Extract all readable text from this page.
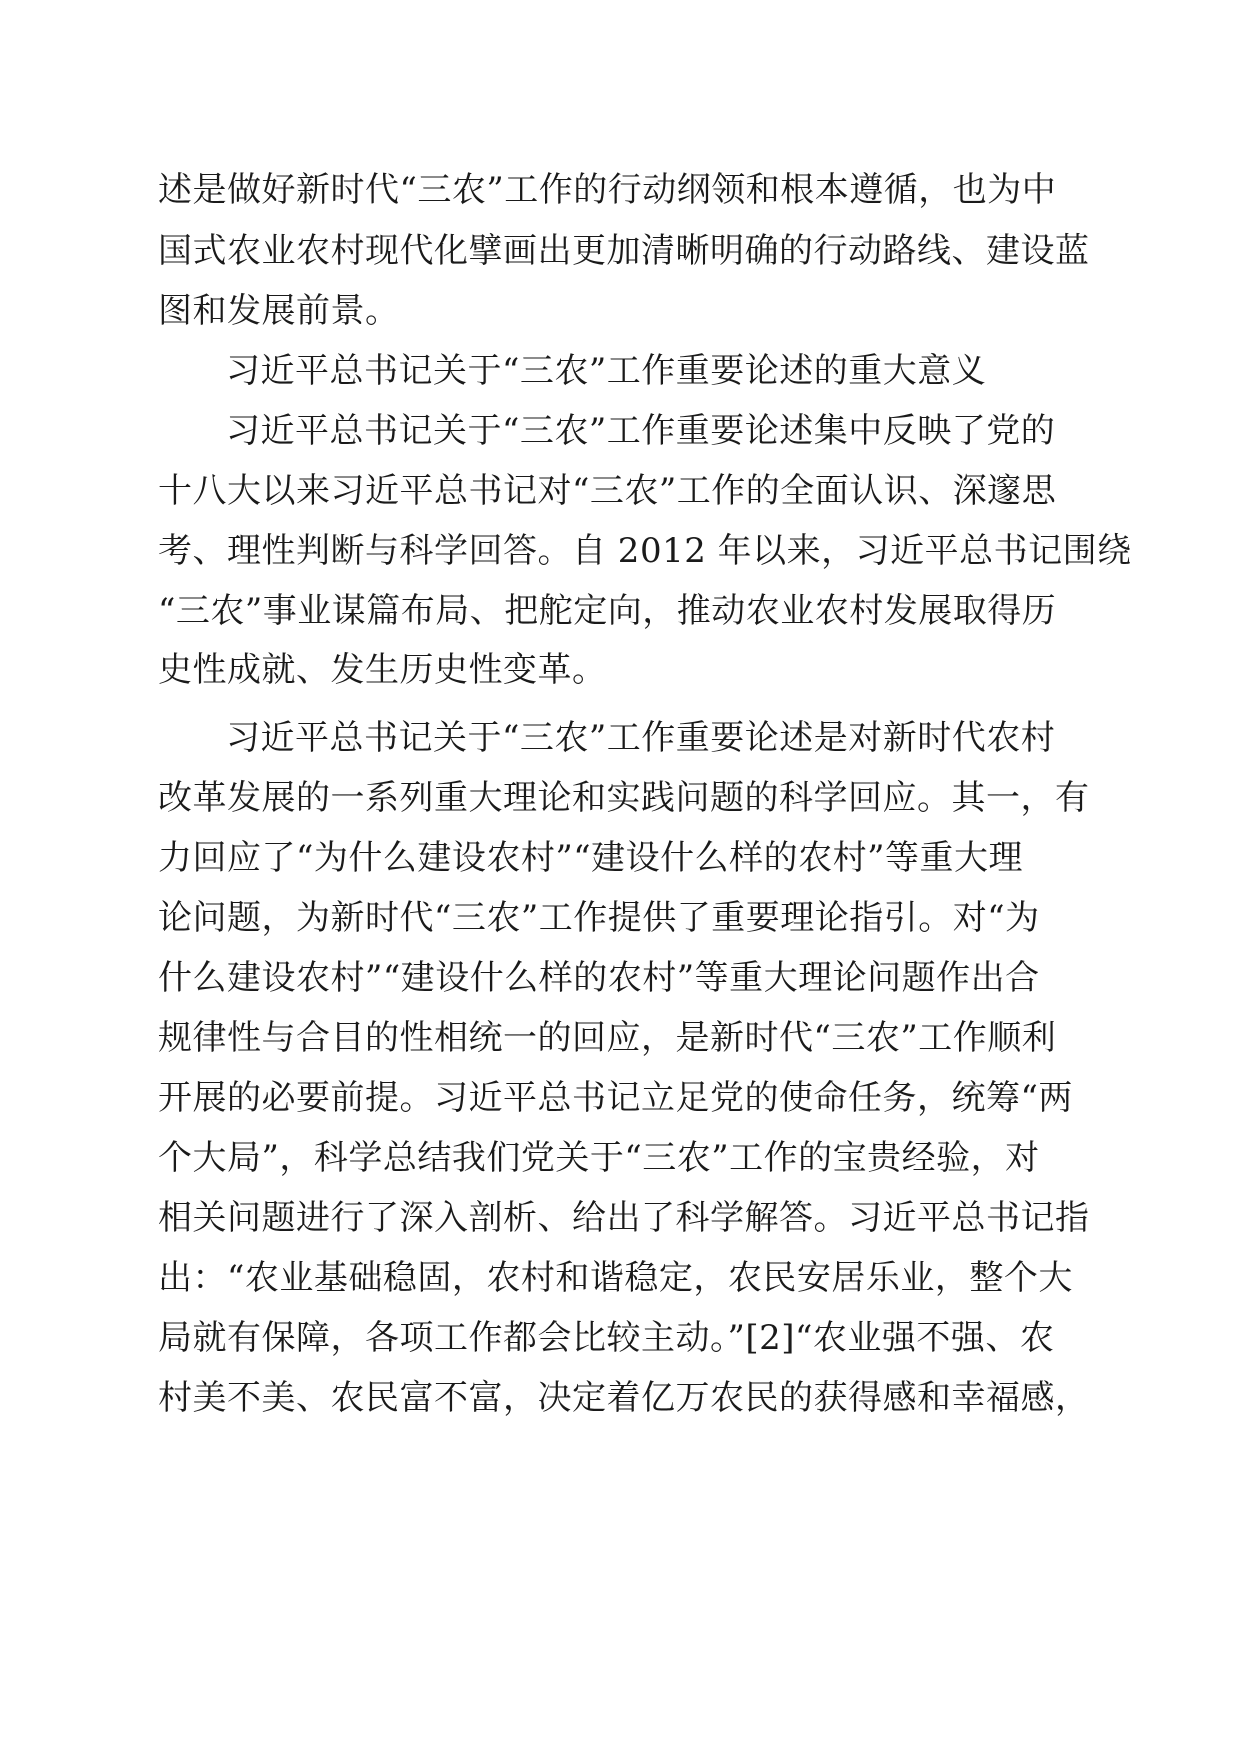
述是做好新时代“三农”工作的行动纲领和根本遵循，也为中
国式农业农村现代化擘画出更加清晰明确的行动路线、建设蓝
图和发展前景。
习近平总书记关于“三农”工作重要论述的重大意义
习近平总书记关于“三农”工作重要论述集中反映了党的
十八大以来习近平总书记对“三农”工作的全面认识、深邃思
考、理性判断与科学回答。自 2012 年以来，习近平总书记围绕
“三农”事业谋篇布局、把舵定向，推动农业农村发展取得历
史性成就、发生历史性变革。
习近平总书记关于“三农”工作重要论述是对新时代农村
改革发展的一系列重大理论和实践问题的科学回应。其一，有
力回应了“为什么建设农村”“建设什么样的农村”等重大理
论问题，为新时代“三农”工作提供了重要理论指引。对“为
什么建设农村”“建设什么样的农村”等重大理论问题作出合
规律性与合目的性相统一的回应，是新时代“三农”工作顺利
开展的必要前提。习近平总书记立足党的使命任务，统筹“两
个大局”，科学总结我们党关于“三农”工作的宝贵经验，对
相关问题进行了深入剖析、给出了科学解答。习近平总书记指
出：“农业基础稳固，农村和谐稳定，农民安居乐业，整个大
局就有保障，各项工作都会比较主动。”[2]“农业强不强、农
村美不美、农民富不富，决定着亿万农民的获得感和幸福感，
